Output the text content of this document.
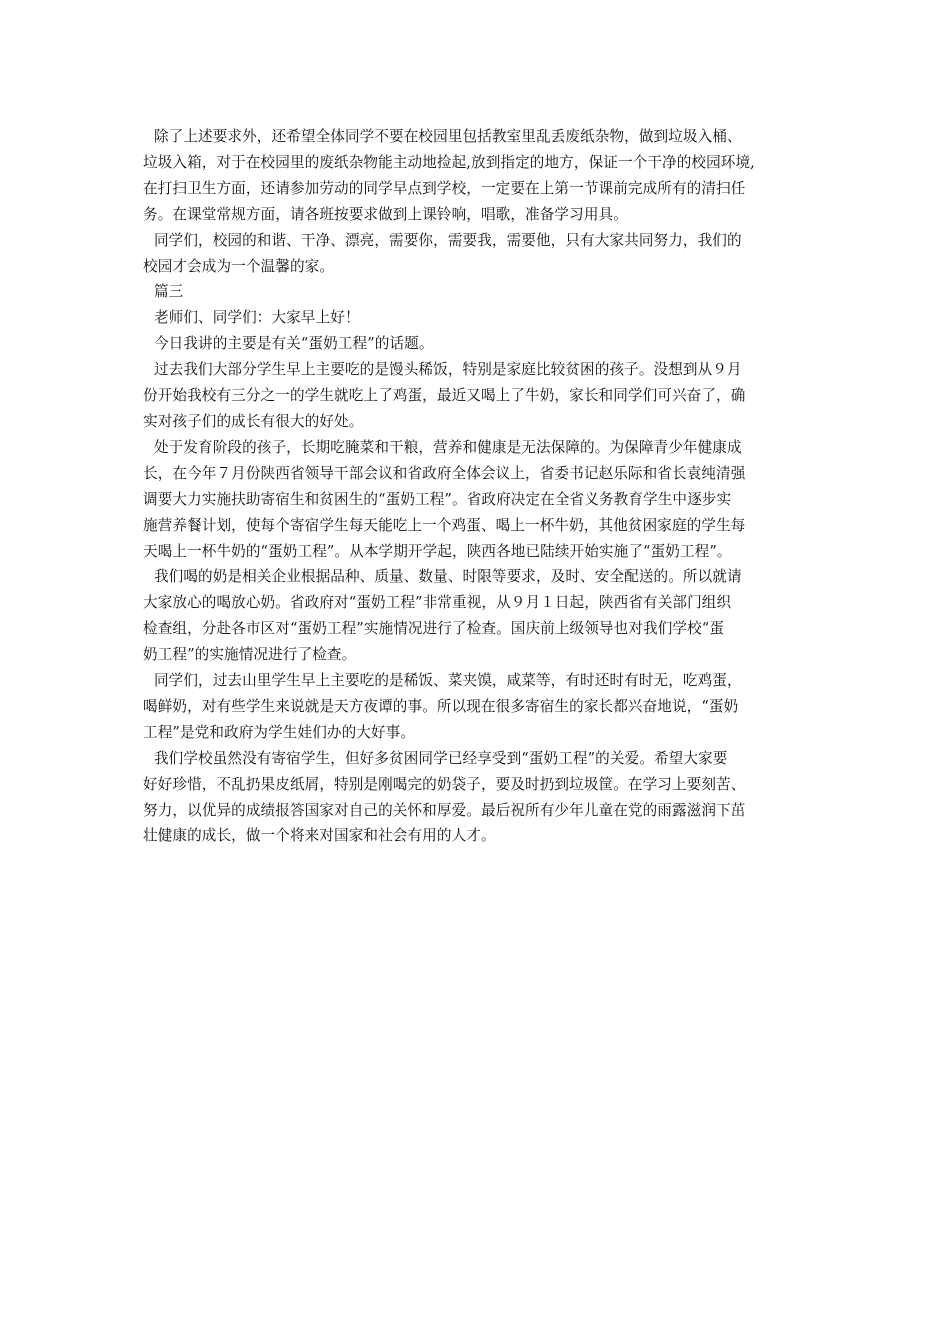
除了上述要求外，还希望全体同学不要在校园里包括教室里乱丢废纸杂物，做到垃圾入桶、
垃圾入箱，对于在校园里的废纸杂物能主动地捡起,放到指定的地方，保证一个干净的校园环境,
在打扫卫生方面，还请参加劳动的同学早点到学校，一定要在上第一节课前完成所有的清扫任
务。在课堂常规方面，请各班按要求做到上课铃响，唱歌，准备学习用具。
同学们，校园的和谐、干净、漂亮，需要你，需要我，需要他，只有大家共同努力，我们的
校园才会成为一个温馨的家。
篇三
老师们、同学们：大家早上好！
今日我讲的主要是有关“蛋奶工程”的话题。
过去我们大部分学生早上主要吃的是馒头稀饭，特别是家庭比较贫困的孩子。没想到从９月
份开始我校有三分之一的学生就吃上了鸡蛋，最近又喝上了牛奶，家长和同学们可兴奋了，确
实对孩子们的成长有很大的好处。
处于发育阶段的孩子，长期吃腌菜和干粮，营养和健康是无法保障的。为保障青少年健康成
长，在今年７月份陕西省领导干部会议和省政府全体会议上，省委书记赵乐际和省长袁纯清强
调要大力实施扶助寄宿生和贫困生的“蛋奶工程”。省政府决定在全省义务教育学生中逐步实
施营养餐计划，使每个寄宿学生每天能吃上一个鸡蛋、喝上一杯牛奶，其他贫困家庭的学生每
天喝上一杯牛奶的“蛋奶工程”。从本学期开学起，陕西各地已陆续开始实施了“蛋奶工程”。
我们喝的奶是相关企业根据品种、质量、数量、时限等要求，及时、安全配送的。所以就请
大家放心的喝放心奶。省政府对“蛋奶工程”非常重视，从９月１日起，陕西省有关部门组织
检查组，分赴各市区对“蛋奶工程”实施情况进行了检查。国庆前上级领导也对我们学校“蛋
奶工程”的实施情况进行了检查。
同学们，过去山里学生早上主要吃的是稀饭、菜夹馍，咸菜等，有时还时有时无，吃鸡蛋，
喝鲜奶，对有些学生来说就是天方夜谭的事。所以现在很多寄宿生的家长都兴奋地说，“蛋奶
工程”是党和政府为学生娃们办的大好事。
我们学校虽然没有寄宿学生，但好多贫困同学已经享受到“蛋奶工程”的关爱。希望大家要
好好珍惜，不乱扔果皮纸屑，特别是刚喝完的奶袋子，要及时扔到垃圾筐。在学习上要刻苦、
努力，以优异的成绩报答国家对自己的关怀和厚爱。最后祝所有少年儿童在党的雨露滋润下茁
壮健康的成长，做一个将来对国家和社会有用的人才。
